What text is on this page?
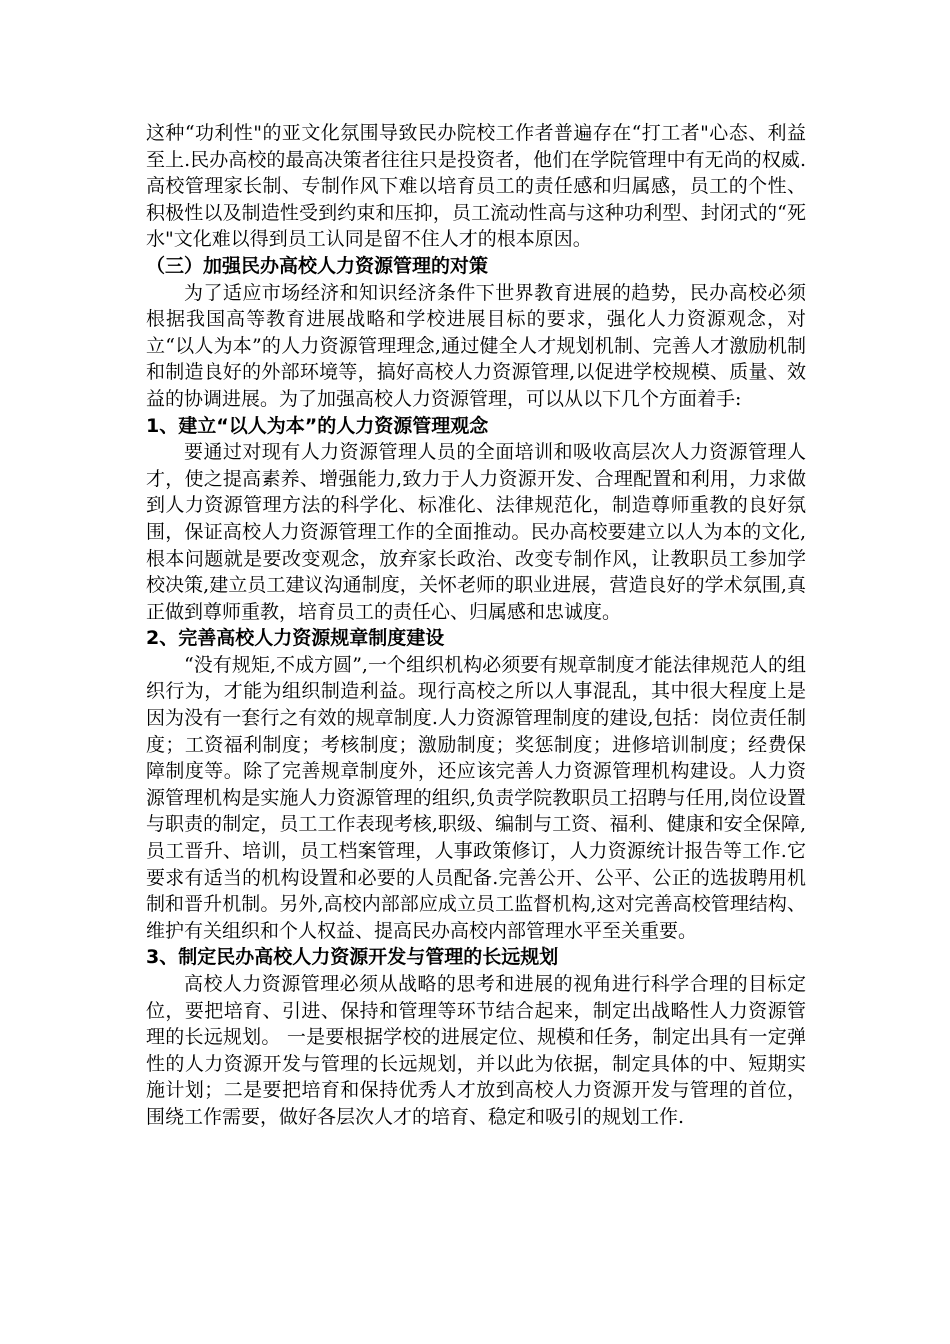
这种“功利性"的亚文化氛围导致民办院校工作者普遍存在“打工者"心态、利益至上.民办高校的最高决策者往往只是投资者，他们在学院管理中有无尚的权威.高校管理家长制、专制作风下难以培育员工的责任感和归属感，员工的个性、积极性以及制造性受到约束和压抑，员工流动性高与这种功利型、封闭式的“死水"文化难以得到员工认同是留不住人才的根本原因。

（三）加强民办高校人力资源管理的对策

为了适应市场经济和知识经济条件下世界教育进展的趋势，民办高校必须根据我国高等教育进展战略和学校进展目标的要求，强化人力资源观念，对立“以人为本”的人力资源管理理念,通过健全人才规划机制、完善人才激励机制和制造良好的外部环境等，搞好高校人力资源管理,以促进学校规模、质量、效益的协调进展。为了加强高校人力资源管理，可以从以下几个方面着手:

1、建立“以人为本”的人力资源管理观念

要通过对现有人力资源管理人员的全面培训和吸收高层次人力资源管理人才，使之提高素养、增强能力,致力于人力资源开发、合理配置和利用，力求做到人力资源管理方法的科学化、标准化、法律规范化，制造尊师重教的良好氛围，保证高校人力资源管理工作的全面推动。民办高校要建立以人为本的文化,根本问题就是要改变观念，放弃家长政治、改变专制作风，让教职员工参加学校决策,建立员工建议沟通制度，关怀老师的职业进展，营造良好的学术氛围,真正做到尊师重教，培育员工的责任心、归属感和忠诚度。

2、完善高校人力资源规章制度建设

“没有规矩,不成方圆”,一个组织机构必须要有规章制度才能法律规范人的组织行为，才能为组织制造利益。现行高校之所以人事混乱，其中很大程度上是因为没有一套行之有效的规章制度.人力资源管理制度的建设,包括：岗位责任制度；工资福利制度；考核制度；激励制度；奖惩制度；进修培训制度；经费保障制度等。除了完善规章制度外，还应该完善人力资源管理机构建设。人力资源管理机构是实施人力资源管理的组织,负责学院教职员工招聘与任用,岗位设置与职责的制定，员工工作表现考核,职级、编制与工资、福利、健康和安全保障,员工晋升、培训，员工档案管理，人事政策修订，人力资源统计报告等工作.它要求有适当的机构设置和必要的人员配备.完善公开、公平、公正的选拔聘用机制和晋升机制。另外,高校内部部应成立员工监督机构,这对完善高校管理结构、维护有关组织和个人权益、提高民办高校内部管理水平至关重要。

3、制定民办高校人力资源开发与管理的长远规划

高校人力资源管理必须从战略的思考和进展的视角进行科学合理的目标定位，要把培育、引进、保持和管理等环节结合起来，制定出战略性人力资源管理的长远规划。 一是要根据学校的进展定位、规模和任务，制定出具有一定弹性的人力资源开发与管理的长远规划，并以此为依据，制定具体的中、短期实施计划；二是要把培育和保持优秀人才放到高校人力资源开发与管理的首位，围绕工作需要，做好各层次人才的培育、稳定和吸引的规划工作.
